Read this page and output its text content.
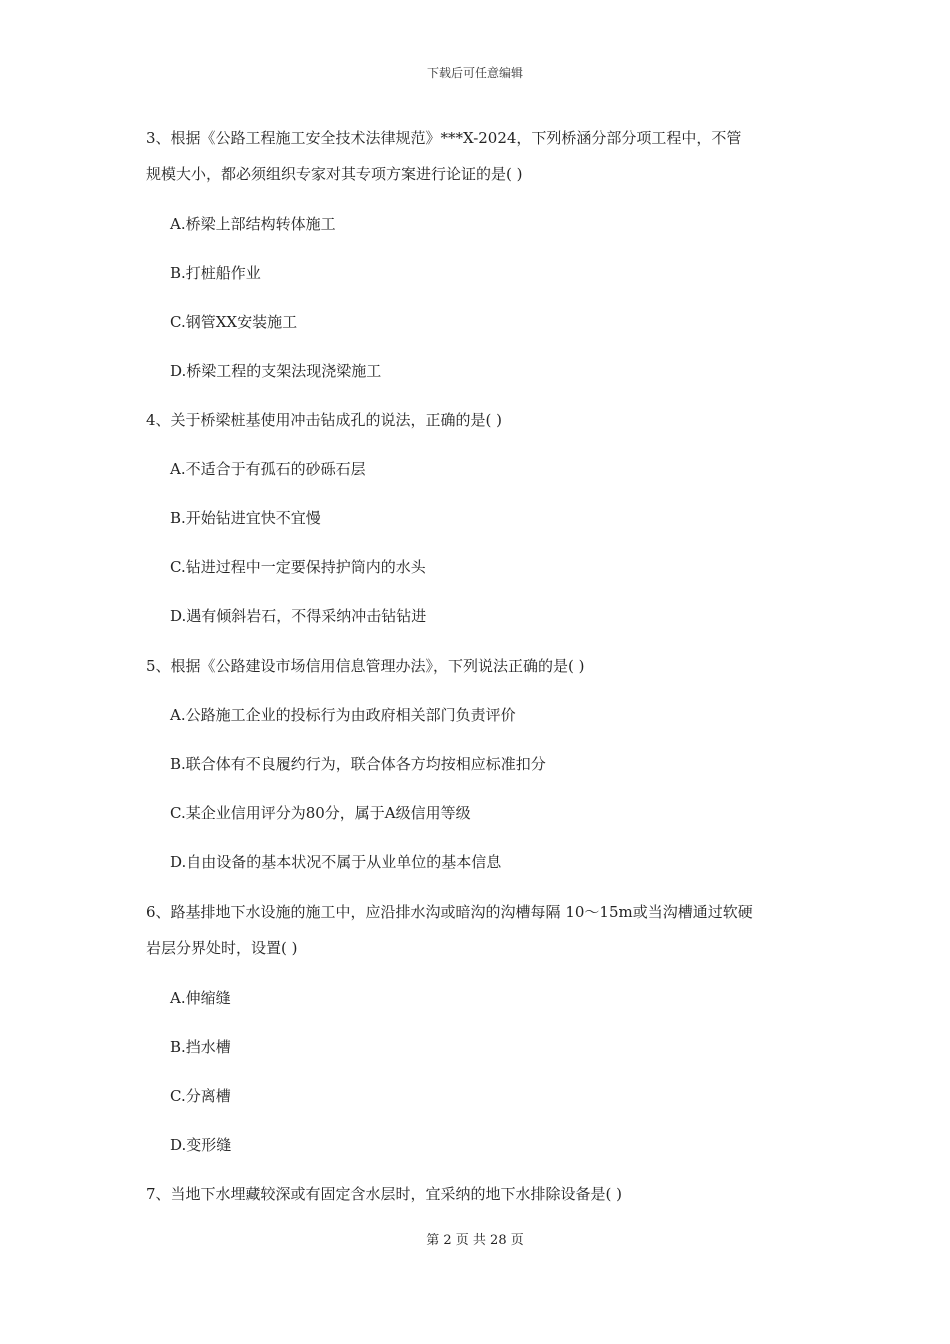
下载后可任意编辑

3、根据《公路工程施工安全技术法律规范》***X-2024，下列桥涵分部分项工程中，不管

规模大小，都必须组织专家对其专项方案进行论证的是( )

A.桥梁上部结构转体施工

B.打桩船作业

C.钢管XX安装施工

D.桥梁工程的支架法现浇梁施工

4、关于桥梁桩基使用冲击钻成孔的说法，正确的是( )

A.不适合于有孤石的砂砾石层

B.开始钻进宜快不宜慢

C.钻进过程中一定要保持护筒内的水头

D.遇有倾斜岩石，不得采纳冲击钻钻进

5、根据《公路建设市场信用信息管理办法》，下列说法正确的是( )

A.公路施工企业的投标行为由政府相关部门负责评价

B.联合体有不良履约行为，联合体各方均按相应标准扣分

C.某企业信用评分为80分，属于A级信用等级

D.自由设备的基本状况不属于从业单位的基本信息

6、路基排地下水设施的施工中，应沿排水沟或暗沟的沟槽每隔 10～15m或当沟槽通过软硬

岩层分界处时，设置( )

A.伸缩缝

B.挡水槽

C.分离槽

D.变形缝

7、当地下水埋藏较深或有固定含水层时，宜采纳的地下水排除设备是( )

第 2 页 共 28 页
